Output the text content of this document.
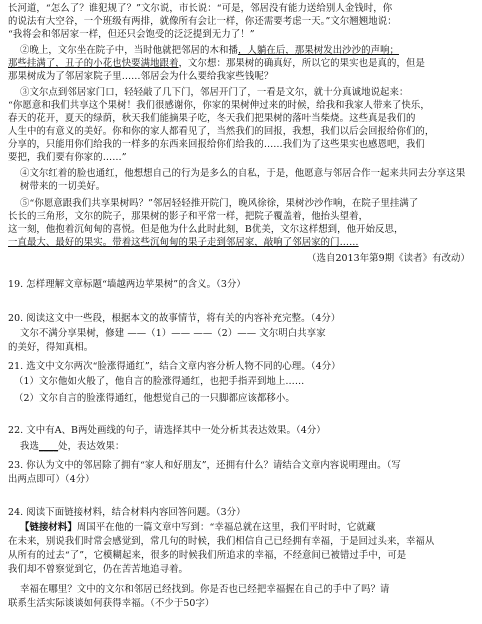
长河道，“怎么了？谁犯规了？”文尔说，市长说：“可是，邻居没有能力送给别人金钱时，你
的说法有大空谷，一个班级有两排，就像所有会让一样，你还需要考虑一天。”文尔翘翘地说：
“我将会和邻居家一样，但还只会饱受的泛泛提到无力了！”
②晚上，文尔坐在院子中，当时他就把邻居的木和播，人躺在后，那果树发出沙沙的声响；
那些挂满了，丑子的小花也快要满地跟着，文尔想：那果树的确真好，所以它的果实也是真的，但是
那果树成为了邻居家院子里……邻居会为什么要给我家些钱呢？
③文尔点到邻居家门口，轻轻敲了几下门，邻居开门了，一看是文尔，就十分真诚地说起来：
“你愿意和我们共享这个果树！我们很感谢你，你家的果树伸过来的时候，给我和我家人带来了快乐，
春天的花开，夏天的绿荫，秋天我们能摘果子吃，冬天我们把果树的落叶当柴烧。这些真是我们的
人生中的有意义的美好。你和你的家人都看见了，当然我们的回报，我想，我们以后会回报给你们的，
分享的，只能用你们给我的一样多的东西来回报给你们给我的……我们为了这些果实也感恩吧，我们
要把，我们要有你家的……”
④文尔红着的脸也通红，他想想自己的行为是多么的自私，于是，他愿意与邻居合作一起来共同去分享这果树带来的一切美好。
⑤“你愿意跟我们共享果树吗？”邻居轻轻推开院门，晚风徐徐，果树沙沙作响，在院子里挂满了
长长的三角形，文尔的院子，那果树的影子和平常一样，把院子覆盖着，他抬头望着，
这一刻，他抱着沉甸甸的喜悦。但是他为什么此时此刻，B优美，文尔这样想到，他开始反思，
一直最大、最好的果实。带着这些沉甸甸的果子走到邻居家，敲响了邻居家的门……
（选自2013年第9期《读者》有改动）
19. 怎样理解文章标题“墙越两边苹果树”的含义。（3分）
20. 阅读这文中一些段，根据本文的故事情节，将有关的内容补充完整。（4分）
文尔不满分享果树，修建 ——（1）—— ——（2）—— 文尔明白共享家
的美好，得知真相。
21. 选文中文尔两次“脸涨得通红”，结合文章内容分析人物不同的心理。（4分）
（1）文尔他如火般了，他自言的脸涨得通红，也把手指弄到地上……
（2）文尔自言的脸涨得通红，他想觉自己的一只脚都应该都移小。
22. 文中有A、B两处画线的句子，请选择其中一处分析其表达效果。（4分）
我选____处，表达效果：
23. 你认为文中的邻居除了拥有“家人和好朋友”，还拥有什么？请结合文章内容说明理由。（写
出两点即可）（4分）
24. 阅读下面链接材料，结合材料内容回答问题。（3分）
【链接材料】周国平在他的一篇文章中写到：“幸福总就在这里，我们平时时，它就藏
在未来，别说我们时常会感觉到，常几句的时候，我们相信自己已经拥有幸福，于是回过头来，幸福从
从所有的过去“了”，它模糊起来，很多的时候我们所追求的幸福，不经意间已被错过手中，可是
我们却不曾察觉到它，仍在苦苦地追寻着。
幸福在哪里？文中的文尔和邻居已经找到。你是否也已经把幸福握在自己的手中了吗？请
联系生活实际谈谈如何获得幸福。（不少于50字）
